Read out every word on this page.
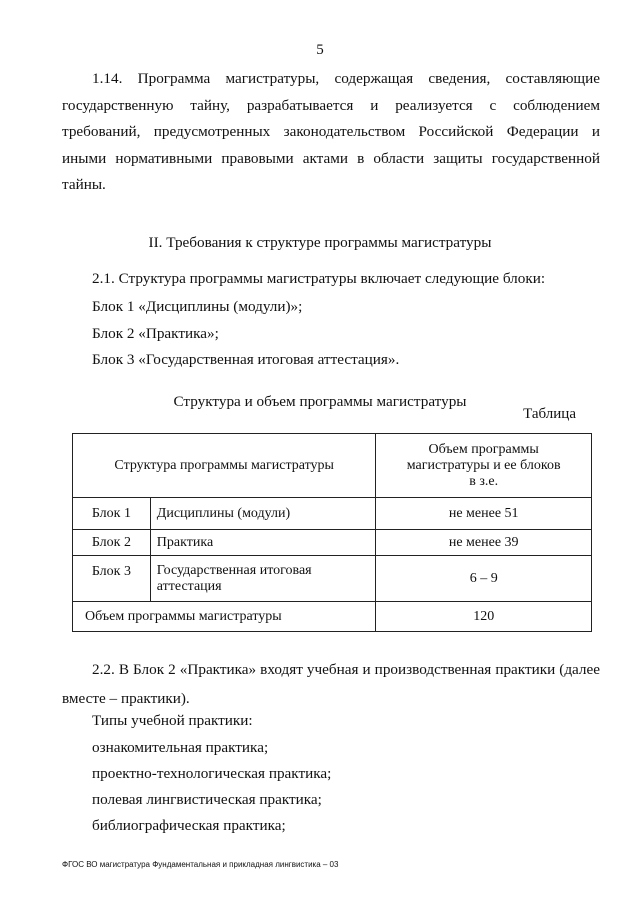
5

1.14. Программа магистратуры, содержащая сведения, составляющие государственную тайну, разрабатывается и реализуется с соблюдением требований, предусмотренных законодательством Российской Федерации и иными нормативными правовыми актами в области защиты государственной тайны.

II. Требования к структуре программы магистратуры

2.1. Структура программы магистратуры включает следующие блоки:

Блок 1 «Дисциплины (модули)»;

Блок 2 «Практика»;

Блок 3 «Государственная итоговая аттестация».

Структура и объем программы магистратуры

Таблица
Структура программы магистратуры		Объем программы магистратуры и ее блоков в з.е.
Блок 1	Дисциплины (модули)	не менее 51
Блок 2	Практика	не менее 39
Блок 3	Государственная итоговая аттестация	6 – 9
Объем программы магистратуры		120

2.2. В Блок 2 «Практика» входят учебная и производственная практики (далее вместе – практики).

Типы учебной практики:

ознакомительная практика;

проектно-технологическая практика;

полевая лингвистическая практика;

библиографическая практика;

ФГОС ВО магистратура Фундаментальная и прикладная лингвистика – 03
